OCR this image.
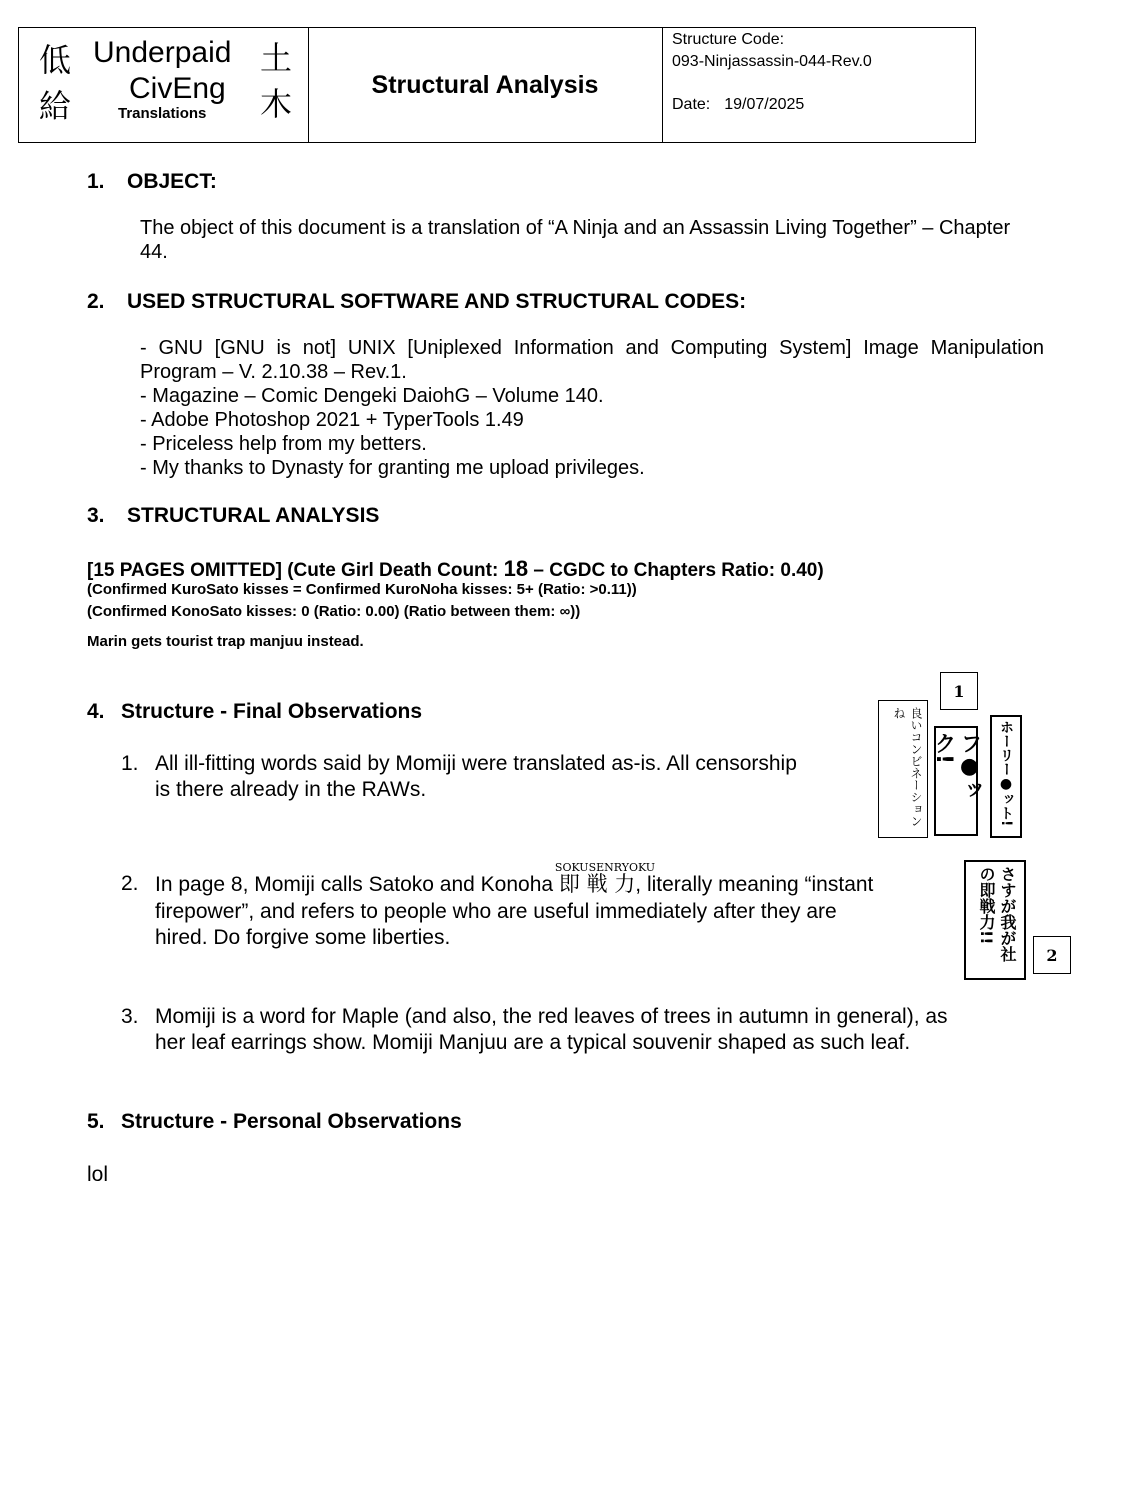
低
給
土
木
Underpaid
CivEng
Translations
Structural Analysis
Structure Code:
093-Ninjassassin-044-Rev.0
Date: 19/07/2025
1. OBJECT:
The object of this document is a translation of “A Ninja and an Assassin Living Together” – Chapter
44.
2. USED STRUCTURAL SOFTWARE AND STRUCTURAL CODES:
- GNU [GNU is not] UNIX [Uniplexed Information and Computing System] Image Manipulation
Program – V. 2.10.38 – Rev.1.
- Magazine – Comic Dengeki DaiohG – Volume 140.
- Adobe Photoshop 2021 + TyperTools 1.49
- Priceless help from my betters.
- My thanks to Dynasty for granting me upload privileges.
3. STRUCTURAL ANALYSIS
[15 PAGES OMITTED] (Cute Girl Death Count: 18 – CGDC to Chapters Ratio: 0.40)
(Confirmed KuroSato kisses = Confirmed KuroNoha kisses: 5+ (Ratio: >0.11))
(Confirmed KonoSato kisses: 0 (Ratio: 0.00) (Ratio between them: ∞))
Marin gets tourist trap manjuu instead.
4. Structure - Final Observations
1. All ill-fitting words said by Momiji were translated as-is. All censorship
is there already in the RAWs.
2. In page 8, Momiji calls Satoko and Konoha
SOKUSENRYOKU
即 戦 力, literally meaning “instant
firepower”, and refers to people who are useful immediately after they are
hired. Do forgive some liberties.
3. Momiji is a word for Maple (and also, the red leaves of trees in autumn in general), as
her leaf earrings show. Momiji Manjuu are a typical souvenir shaped as such leaf.
1
良いコンビネーションね
フ●ック!	ホーリー●ット!
さすが我が社の即戦力!!
2
5. Structure - Personal Observations
lol
